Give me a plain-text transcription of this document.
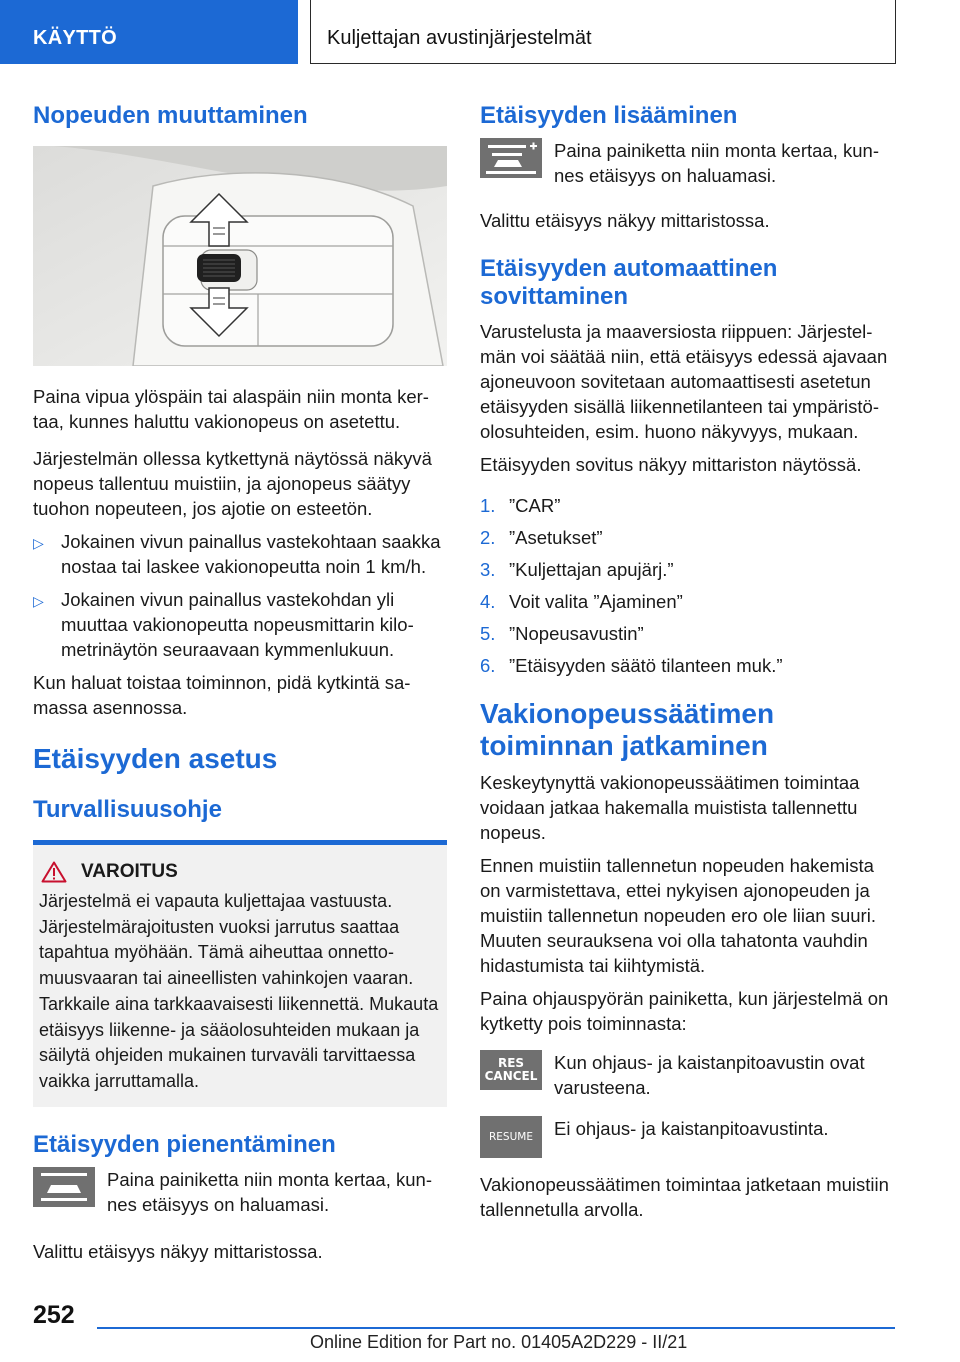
KÄYTTÖ	Kuljettajan avustinjärjestelmät
Nopeuden muuttaminen

Paina vipua ylöspäin tai alaspäin niin monta kertaa, kunnes haluttu vakionopeus on asetettu.

Järjestelmän ollessa kytkettynä näytössä näkyvä nopeus tallentuu muistiin, ja ajonopeus säätyy tuohon nopeuteen, jos ajotie on esteetön.

▷ Jokainen vivun painallus vastekohtaan saakka nostaa tai laskee vakionopeutta noin 1 km/h.
▷ Jokainen vivun painallus vastekohdan yli muuttaa vakionopeutta nopeusmittarin kilometrinäytön seuraavaan kymmenlukuun.

Kun haluat toistaa toiminnon, pidä kytkintä samassa asennossa.

Etäisyyden asetus
Turvallisuusohje
VAROITUS

Järjestelmä ei vapauta kuljettajaa vastuusta. Järjestelmärajoitusten vuoksi jarrutus saattaa tapahtua myöhään. Tämä aiheuttaa onnettomuusvaaran tai aineellisten vahinkojen vaaran. Tarkkaile aina tarkkaavaisesti liikennettä. Mukauta etäisyys liikenne- ja sääolosuhteiden mukaan ja säilytä ohjeiden mukainen turvaväli tarvittaessa vaikka jarruttamalla.

Etäisyyden pienentäminen

Paina painiketta niin monta kertaa, kunnes etäisyys on haluamasi.

Valittu etäisyys näkyy mittaristossa.

Etäisyyden lisääminen

Paina painiketta niin monta kertaa, kunnes etäisyys on haluamasi.

Valittu etäisyys näkyy mittaristossa.

Etäisyyden automaattinen sovittaminen

Varustelusta ja maaversiosta riippuen: Järjestelmän voi säätää niin, että etäisyys edessä ajavaan ajoneuvoon sovitetaan automaattisesti asetetun etäisyyden sisällä liikennetilanteen tai ympäristöolosuhteiden, esim. huono näkyvyys, mukaan.

Etäisyyden sovitus näkyy mittariston näytössä.

1. ”CAR”
2. ”Asetukset”
3. ”Kuljettajan apujärj.”
4. Voit valita ”Ajaminen”
5. ”Nopeusavustin”
6. ”Etäisyyden säätö tilanteen muk.”
Vakionopeussäätimen toiminnan jatkaminen

Keskeytynyttä vakionopeussäätimen toimintaa voidaan jatkaa hakemalla muistista tallennettu nopeus.

Ennen muistiin tallennetun nopeuden hakemista on varmistettava, ettei nykyisen ajonopeuden ja muistiin tallennetun nopeuden ero ole liian suuri. Muuten seurauksena voi olla tahatonta vauhdin hidastumista tai kiihtymistä.

Paina ohjauspyörän painiketta, kun järjestelmä on kytketty pois toiminnasta:

RES
CANCEL

Kun ohjaus- ja kaistanpitoavustin ovat varusteena.

RESUME Ei ohjaus- ja kaistanpitoavustinta.

Vakionopeussäätimen toimintaa jatketaan muistiin tallennetulla arvolla.

252
Online Edition for Part no. 01405A2D229 - II/21
